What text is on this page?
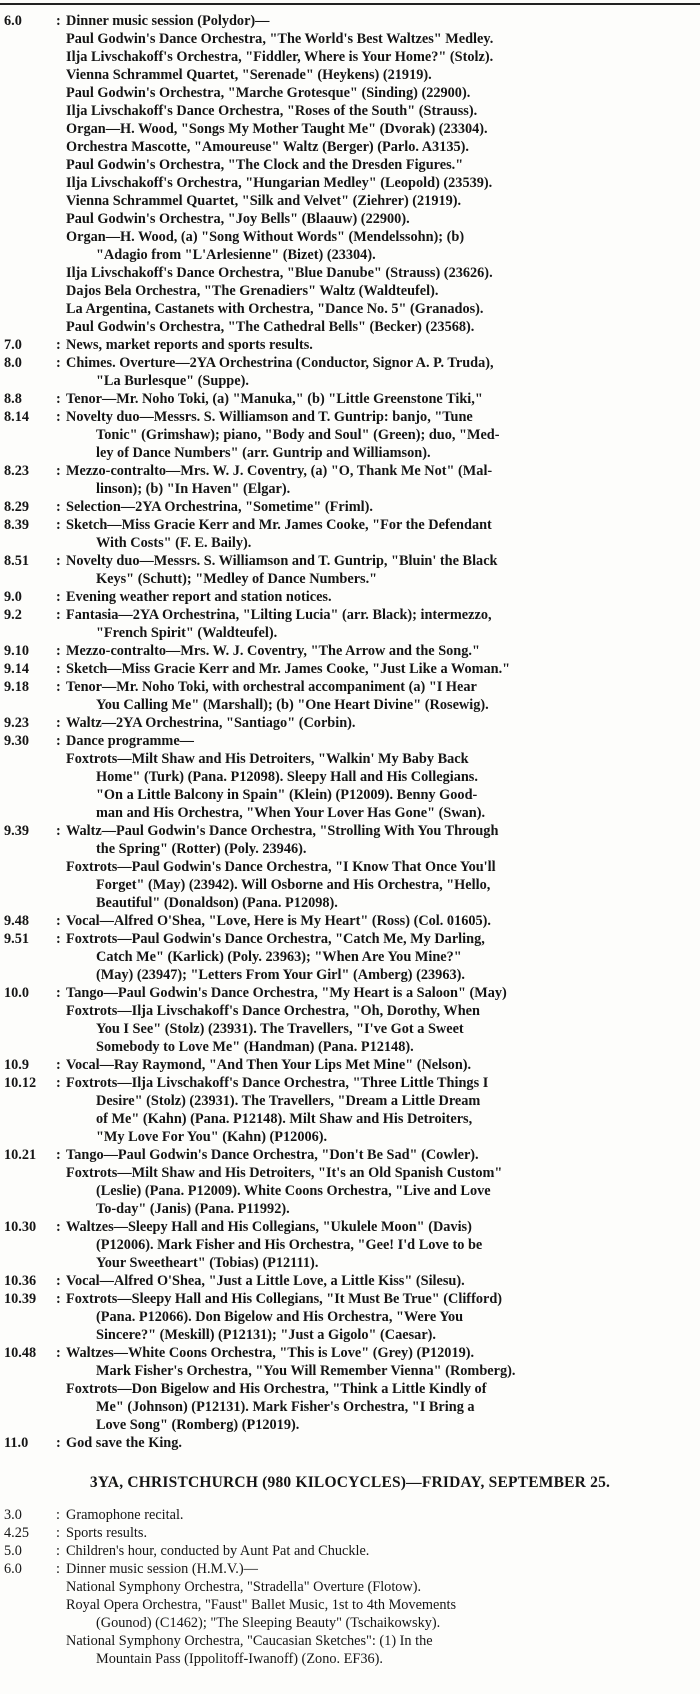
6.0	: Dinner music session (Polydor)—
Paul Godwin's Dance Orchestra, "The World's Best Waltzes" Medley.
Ilja Livschakoff's Orchestra, "Fiddler, Where is Your Home?" (Stolz).
Vienna Schrammel Quartet, "Serenade" (Heykens) (21919).
Paul Godwin's Orchestra, "Marche Grotesque" (Sinding) (22900).
Ilja Livschakoff's Dance Orchestra, "Roses of the South" (Strauss).
Organ—H. Wood, "Songs My Mother Taught Me" (Dvorak) (23304).
Orchestra Mascotte, "Amoureuse" Waltz (Berger) (Parlo. A3135).
Paul Godwin's Orchestra, "The Clock and the Dresden Figures."
Ilja Livschakoff's Orchestra, "Hungarian Medley" (Leopold) (23539).
Vienna Schrammel Quartet, "Silk and Velvet" (Ziehrer) (21919).
Paul Godwin's Orchestra, "Joy Bells" (Blaauw) (22900).
Organ—H. Wood, (a) "Song Without Words" (Mendelssohn); (b)
"Adagio from "L'Arlesienne" (Bizet) (23304).
Ilja Livschakoff's Dance Orchestra, "Blue Danube" (Strauss) (23626).
Dajos Bela Orchestra, "The Grenadiers" Waltz (Waldteufel).
La Argentina, Castanets with Orchestra, "Dance No. 5" (Granados).
Paul Godwin's Orchestra, "The Cathedral Bells" (Becker) (23568).
7.0	: News, market reports and sports results.
8.0	: Chimes. Overture—2YA Orchestrina (Conductor, Signor A. P. Truda),
"La Burlesque" (Suppe).
8.8	: Tenor—Mr. Noho Toki, (a) "Manuka," (b) "Little Greenstone Tiki,"
8.14	: Novelty duo—Messrs. S. Williamson and T. Guntrip: banjo, "Tune
Tonic" (Grimshaw); piano, "Body and Soul" (Green); duo, "Med-
ley of Dance Numbers" (arr. Guntrip and Williamson).
8.23	: Mezzo-contralto—Mrs. W. J. Coventry, (a) "O, Thank Me Not" (Mal-
linson); (b) "In Haven" (Elgar).
8.29	: Selection—2YA Orchestrina, "Sometime" (Friml).
8.39	: Sketch—Miss Gracie Kerr and Mr. James Cooke, "For the Defendant
With Costs" (F. E. Baily).
8.51	: Novelty duo—Messrs. S. Williamson and T. Guntrip, "Bluin' the Black
Keys" (Schutt); "Medley of Dance Numbers."
9.0	: Evening weather report and station notices.
9.2	: Fantasia—2YA Orchestrina, "Lilting Lucia" (arr. Black); intermezzo,
"French Spirit" (Waldteufel).
9.10	: Mezzo-contralto—Mrs. W. J. Coventry, "The Arrow and the Song."
9.14	: Sketch—Miss Gracie Kerr and Mr. James Cooke, "Just Like a Woman."
9.18	: Tenor—Mr. Noho Toki, with orchestral accompaniment (a) "I Hear
You Calling Me" (Marshall); (b) "One Heart Divine" (Rosewig).
9.23	: Waltz—2YA Orchestrina, "Santiago" (Corbin).
9.30	: Dance programme—
Foxtrots—Milt Shaw and His Detroiters, "Walkin' My Baby Back
Home" (Turk) (Pana. P12098). Sleepy Hall and His Collegians.
"On a Little Balcony in Spain" (Klein) (P12009). Benny Good-
man and His Orchestra, "When Your Lover Has Gone" (Swan).
9.39	: Waltz—Paul Godwin's Dance Orchestra, "Strolling With You Through
the Spring" (Rotter) (Poly. 23946).
Foxtrots—Paul Godwin's Dance Orchestra, "I Know That Once You'll
Forget" (May) (23942). Will Osborne and His Orchestra, "Hello,
Beautiful" (Donaldson) (Pana. P12098).
9.48	: Vocal—Alfred O'Shea, "Love, Here is My Heart" (Ross) (Col. 01605).
9.51	: Foxtrots—Paul Godwin's Dance Orchestra, "Catch Me, My Darling,
Catch Me" (Karlick) (Poly. 23963); "When Are You Mine?"
(May) (23947); "Letters From Your Girl" (Amberg) (23963).
10.0	: Tango—Paul Godwin's Dance Orchestra, "My Heart is a Saloon" (May)
Foxtrots—Ilja Livschakoff's Dance Orchestra, "Oh, Dorothy, When
You I See" (Stolz) (23931). The Travellers, "I've Got a Sweet
Somebody to Love Me" (Handman) (Pana. P12148).
10.9	: Vocal—Ray Raymond, "And Then Your Lips Met Mine" (Nelson).
10.12	: Foxtrots—Ilja Livschakoff's Dance Orchestra, "Three Little Things I
Desire" (Stolz) (23931). The Travellers, "Dream a Little Dream
of Me" (Kahn) (Pana. P12148). Milt Shaw and His Detroiters,
"My Love For You" (Kahn) (P12006).
10.21	: Tango—Paul Godwin's Dance Orchestra, "Don't Be Sad" (Cowler).
Foxtrots—Milt Shaw and His Detroiters, "It's an Old Spanish Custom"
(Leslie) (Pana. P12009). White Coons Orchestra, "Live and Love
To-day" (Janis) (Pana. P11992).
10.30	: Waltzes—Sleepy Hall and His Collegians, "Ukulele Moon" (Davis)
(P12006). Mark Fisher and His Orchestra, "Gee! I'd Love to be
Your Sweetheart" (Tobias) (P12111).
10.36	: Vocal—Alfred O'Shea, "Just a Little Love, a Little Kiss" (Silesu).
10.39	: Foxtrots—Sleepy Hall and His Collegians, "It Must Be True" (Clifford)
(Pana. P12066). Don Bigelow and His Orchestra, "Were You
Sincere?" (Meskill) (P12131); "Just a Gigolo" (Caesar).
10.48	: Waltzes—White Coons Orchestra, "This is Love" (Grey) (P12019).
Mark Fisher's Orchestra, "You Will Remember Vienna" (Romberg).
Foxtrots—Don Bigelow and His Orchestra, "Think a Little Kindly of
Me" (Johnson) (P12131). Mark Fisher's Orchestra, "I Bring a
Love Song" (Romberg) (P12019).
11.0	: God save the King.
3YA, CHRISTCHURCH (980 KILOCYCLES)—FRIDAY, SEPTEMBER 25.
3.0	: Gramophone recital.
4.25	: Sports results.
5.0	: Children's hour, conducted by Aunt Pat and Chuckle.
6.0	: Dinner music session (H.M.V.)—
National Symphony Orchestra, "Stradella" Overture (Flotow).
Royal Opera Orchestra, "Faust" Ballet Music, 1st to 4th Movements
(Gounod) (C1462); "The Sleeping Beauty" (Tschaikowsky).
National Symphony Orchestra, "Caucasian Sketches": (1) In the
Mountain Pass (Ippolitoff-Iwanoff) (Zono. EF36).
